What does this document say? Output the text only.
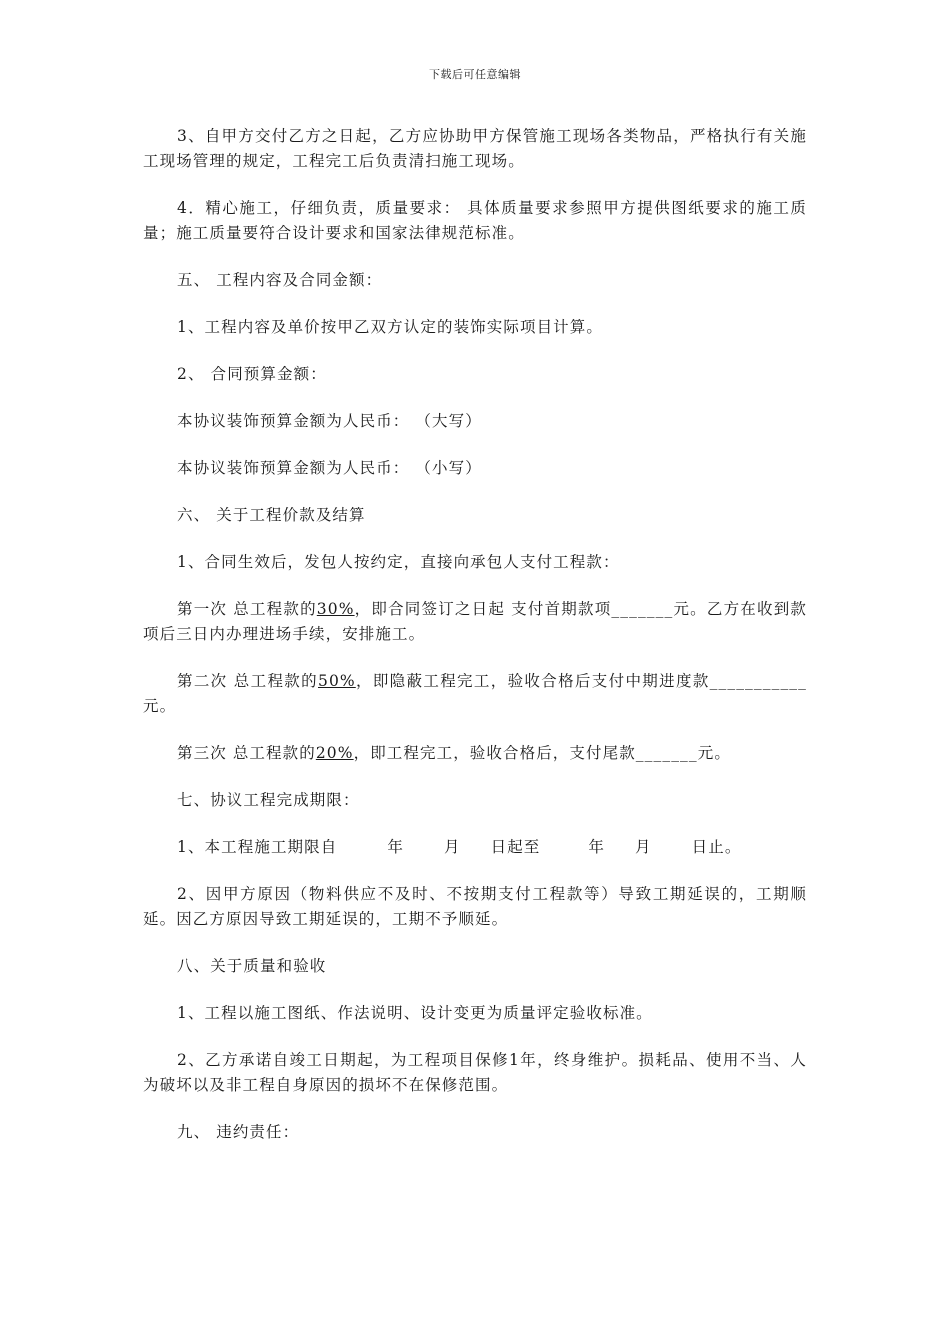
下载后可任意编辑

3、自甲方交付乙方之日起，乙方应协助甲方保管施工现场各类物品，严格执行有关施工现场管理的规定，工程完工后负责清扫施工现场。

4．精心施工，仔细负责，质量要求： 具体质量要求参照甲方提供图纸要求的施工质量；施工质量要符合设计要求和国家法律规范标准。

五、 工程内容及合同金额：

1、工程内容及单价按甲乙双方认定的装饰实际项目计算。

2、 合同预算金额：

本协议装饰预算金额为人民币： （大写）

本协议装饰预算金额为人民币： （小写）

六、 关于工程价款及结算

1、合同生效后，发包人按约定，直接向承包人支付工程款：

第一次 总工程款的30%，即合同签订之日起 支付首期款项_______元。乙方在收到款项后三日内办理进场手续，安排施工。

第二次 总工程款的50%，即隐蔽工程完工，验收合格后支付中期进度款___________元。

第三次 总工程款的20%，即工程完工，验收合格后，支付尾款_______元。

七、协议工程完成期限：

1、本工程施工期限自	年	月 日起至	年 月	日止。

2、因甲方原因（物料供应不及时、不按期支付工程款等）导致工期延误的，工期顺延。因乙方原因导致工期延误的，工期不予顺延。

八、关于质量和验收

1、工程以施工图纸、作法说明、设计变更为质量评定验收标准。

2、乙方承诺自竣工日期起，为工程项目保修1年，终身维护。损耗品、使用不当、人为破坏以及非工程自身原因的损坏不在保修范围。

九、 违约责任：
